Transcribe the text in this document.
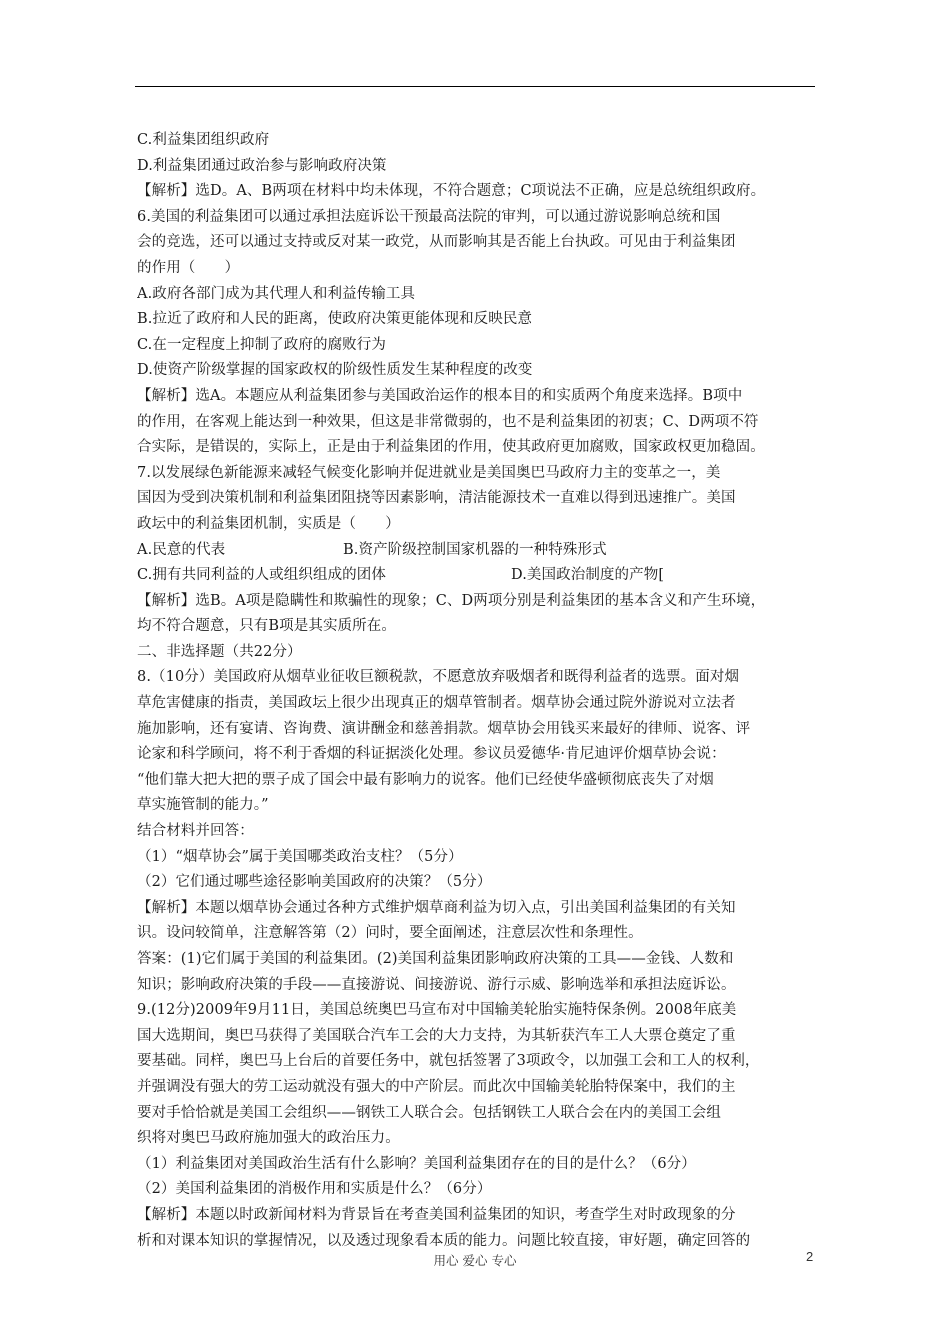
C.利益集团组织政府

D.利益集团通过政治参与影响政府决策

【解析】选D。A、B两项在材料中均未体现，不符合题意；C项说法不正确，应是总统组织政府。

6.美国的利益集团可以通过承担法庭诉讼干预最高法院的审判，可以通过游说影响总统和国

会的竞选，还可以通过支持或反对某一政党，从而影响其是否能上台执政。可见由于利益集团

的作用（　　）

A.政府各部门成为其代理人和利益传输工具

B.拉近了政府和人民的距离，使政府决策更能体现和反映民意

C.在一定程度上抑制了政府的腐败行为

D.使资产阶级掌握的国家政权的阶级性质发生某种程度的改变

【解析】选A。本题应从利益集团参与美国政治运作的根本目的和实质两个角度来选择。B项中

的作用，在客观上能达到一种效果，但这是非常微弱的，也不是利益集团的初衷；C、D两项不符

合实际，是错误的，实际上，正是由于利益集团的作用，使其政府更加腐败，国家政权更加稳固。

7.以发展绿色新能源来减轻气候变化影响并促进就业是美国奥巴马政府力主的变革之一，美

国因为受到决策机制和利益集团阻挠等因素影响，清洁能源技术一直难以得到迅速推广。美国

政坛中的利益集团机制，实质是（　　）

A.民意的代表	B.资产阶级控制国家机器的一种特殊形式
C.拥有共同利益的人或组织组成的团体	D.美国政治制度的产物[

【解析】选B。A项是隐瞒性和欺骗性的现象；C、D两项分别是利益集团的基本含义和产生环境，

均不符合题意，只有B项是其实质所在。

二、非选择题（共22分）

8.（10分）美国政府从烟草业征收巨额税款，不愿意放弃吸烟者和既得利益者的选票。面对烟

草危害健康的指责，美国政坛上很少出现真正的烟草管制者。烟草协会通过院外游说对立法者

施加影响，还有宴请、咨询费、演讲酬金和慈善捐款。烟草协会用钱买来最好的律师、说客、评

论家和科学顾问，将不利于香烟的科证据淡化处理。参议员爱德华·肯尼迪评价烟草协会说：

“他们靠大把大把的票子成了国会中最有影响力的说客。他们已经使华盛顿彻底丧失了对烟

草实施管制的能力。”

结合材料并回答：

（1）“烟草协会”属于美国哪类政治支柱？（5分）

（2）它们通过哪些途径影响美国政府的决策？（5分）

【解析】本题以烟草协会通过各种方式维护烟草商利益为切入点，引出美国利益集团的有关知

识。设问较简单，注意解答第（2）问时，要全面阐述，注意层次性和条理性。

答案：(1)它们属于美国的利益集团。(2)美国利益集团影响政府决策的工具——金钱、人数和

知识；影响政府决策的手段——直接游说、间接游说、游行示威、影响选举和承担法庭诉讼。

9.(12分)2009年9月11日，美国总统奥巴马宣布对中国输美轮胎实施特保条例。2008年底美

国大选期间，奥巴马获得了美国联合汽车工会的大力支持，为其斩获汽车工人大票仓奠定了重

要基础。同样，奥巴马上台后的首要任务中，就包括签署了3项政令，以加强工会和工人的权利，

并强调没有强大的劳工运动就没有强大的中产阶层。而此次中国输美轮胎特保案中，我们的主

要对手恰恰就是美国工会组织——钢铁工人联合会。包括钢铁工人联合会在内的美国工会组

织将对奥巴马政府施加强大的政治压力。

（1）利益集团对美国政治生活有什么影响？美国利益集团存在的目的是什么？（6分）

（2）美国利益集团的消极作用和实质是什么？（6分）

【解析】本题以时政新闻材料为背景旨在考查美国利益集团的知识，考查学生对时政现象的分

析和对课本知识的掌握情况，以及透过现象看本质的能力。问题比较直接，审好题，确定回答的

用心 爱心 专心	2
